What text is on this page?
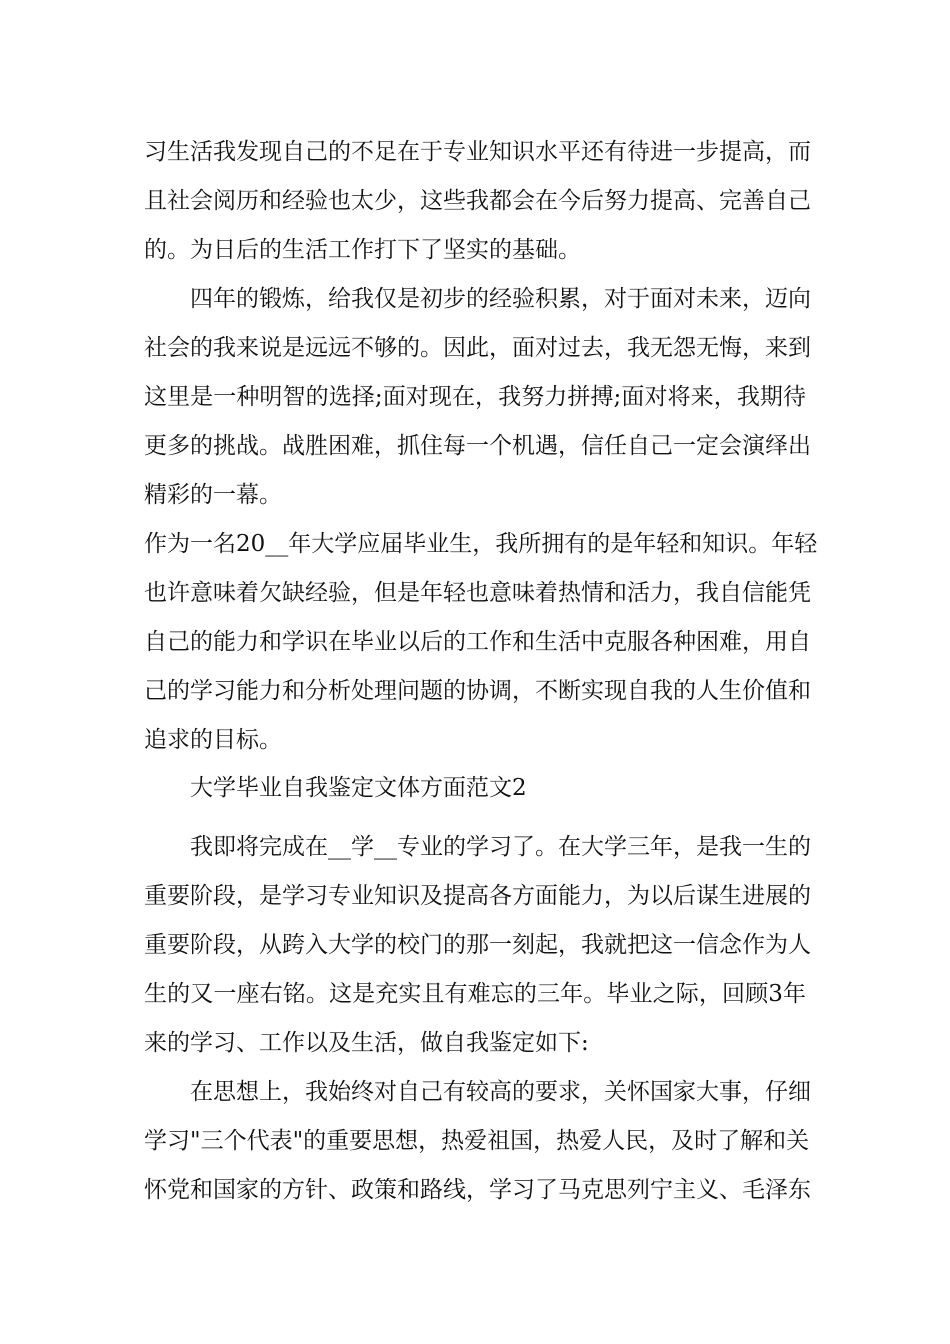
习生活我发现自己的不足在于专业知识水平还有待进一步提高，而
且社会阅历和经验也太少，这些我都会在今后努力提高、完善自己
的。为日后的生活工作打下了坚实的基础。
四年的锻炼，给我仅是初步的经验积累，对于面对未来，迈向
社会的我来说是远远不够的。因此，面对过去，我无怨无悔，来到
这里是一种明智的选择;面对现在，我努力拼搏;面对将来，我期待
更多的挑战。战胜困难，抓住每一个机遇，信任自己一定会演绎出
精彩的一幕。
作为一名20__年大学应届毕业生，我所拥有的是年轻和知识。年轻
也许意味着欠缺经验，但是年轻也意味着热情和活力，我自信能凭
自己的能力和学识在毕业以后的工作和生活中克服各种困难，用自
己的学习能力和分析处理问题的协调，不断实现自我的人生价值和
追求的目标。
大学毕业自我鉴定文体方面范文2
我即将完成在__学__专业的学习了。在大学三年，是我一生的
重要阶段，是学习专业知识及提高各方面能力，为以后谋生进展的
重要阶段，从跨入大学的校门的那一刻起，我就把这一信念作为人
生的又一座右铭。这是充实且有难忘的三年。毕业之际，回顾3年
来的学习、工作以及生活，做自我鉴定如下:
在思想上，我始终对自己有较高的要求，关怀国家大事，仔细
学习"三个代表"的重要思想，热爱祖国，热爱人民，及时了解和关
怀党和国家的方针、政策和路线，学习了马克思列宁主义、毛泽东
